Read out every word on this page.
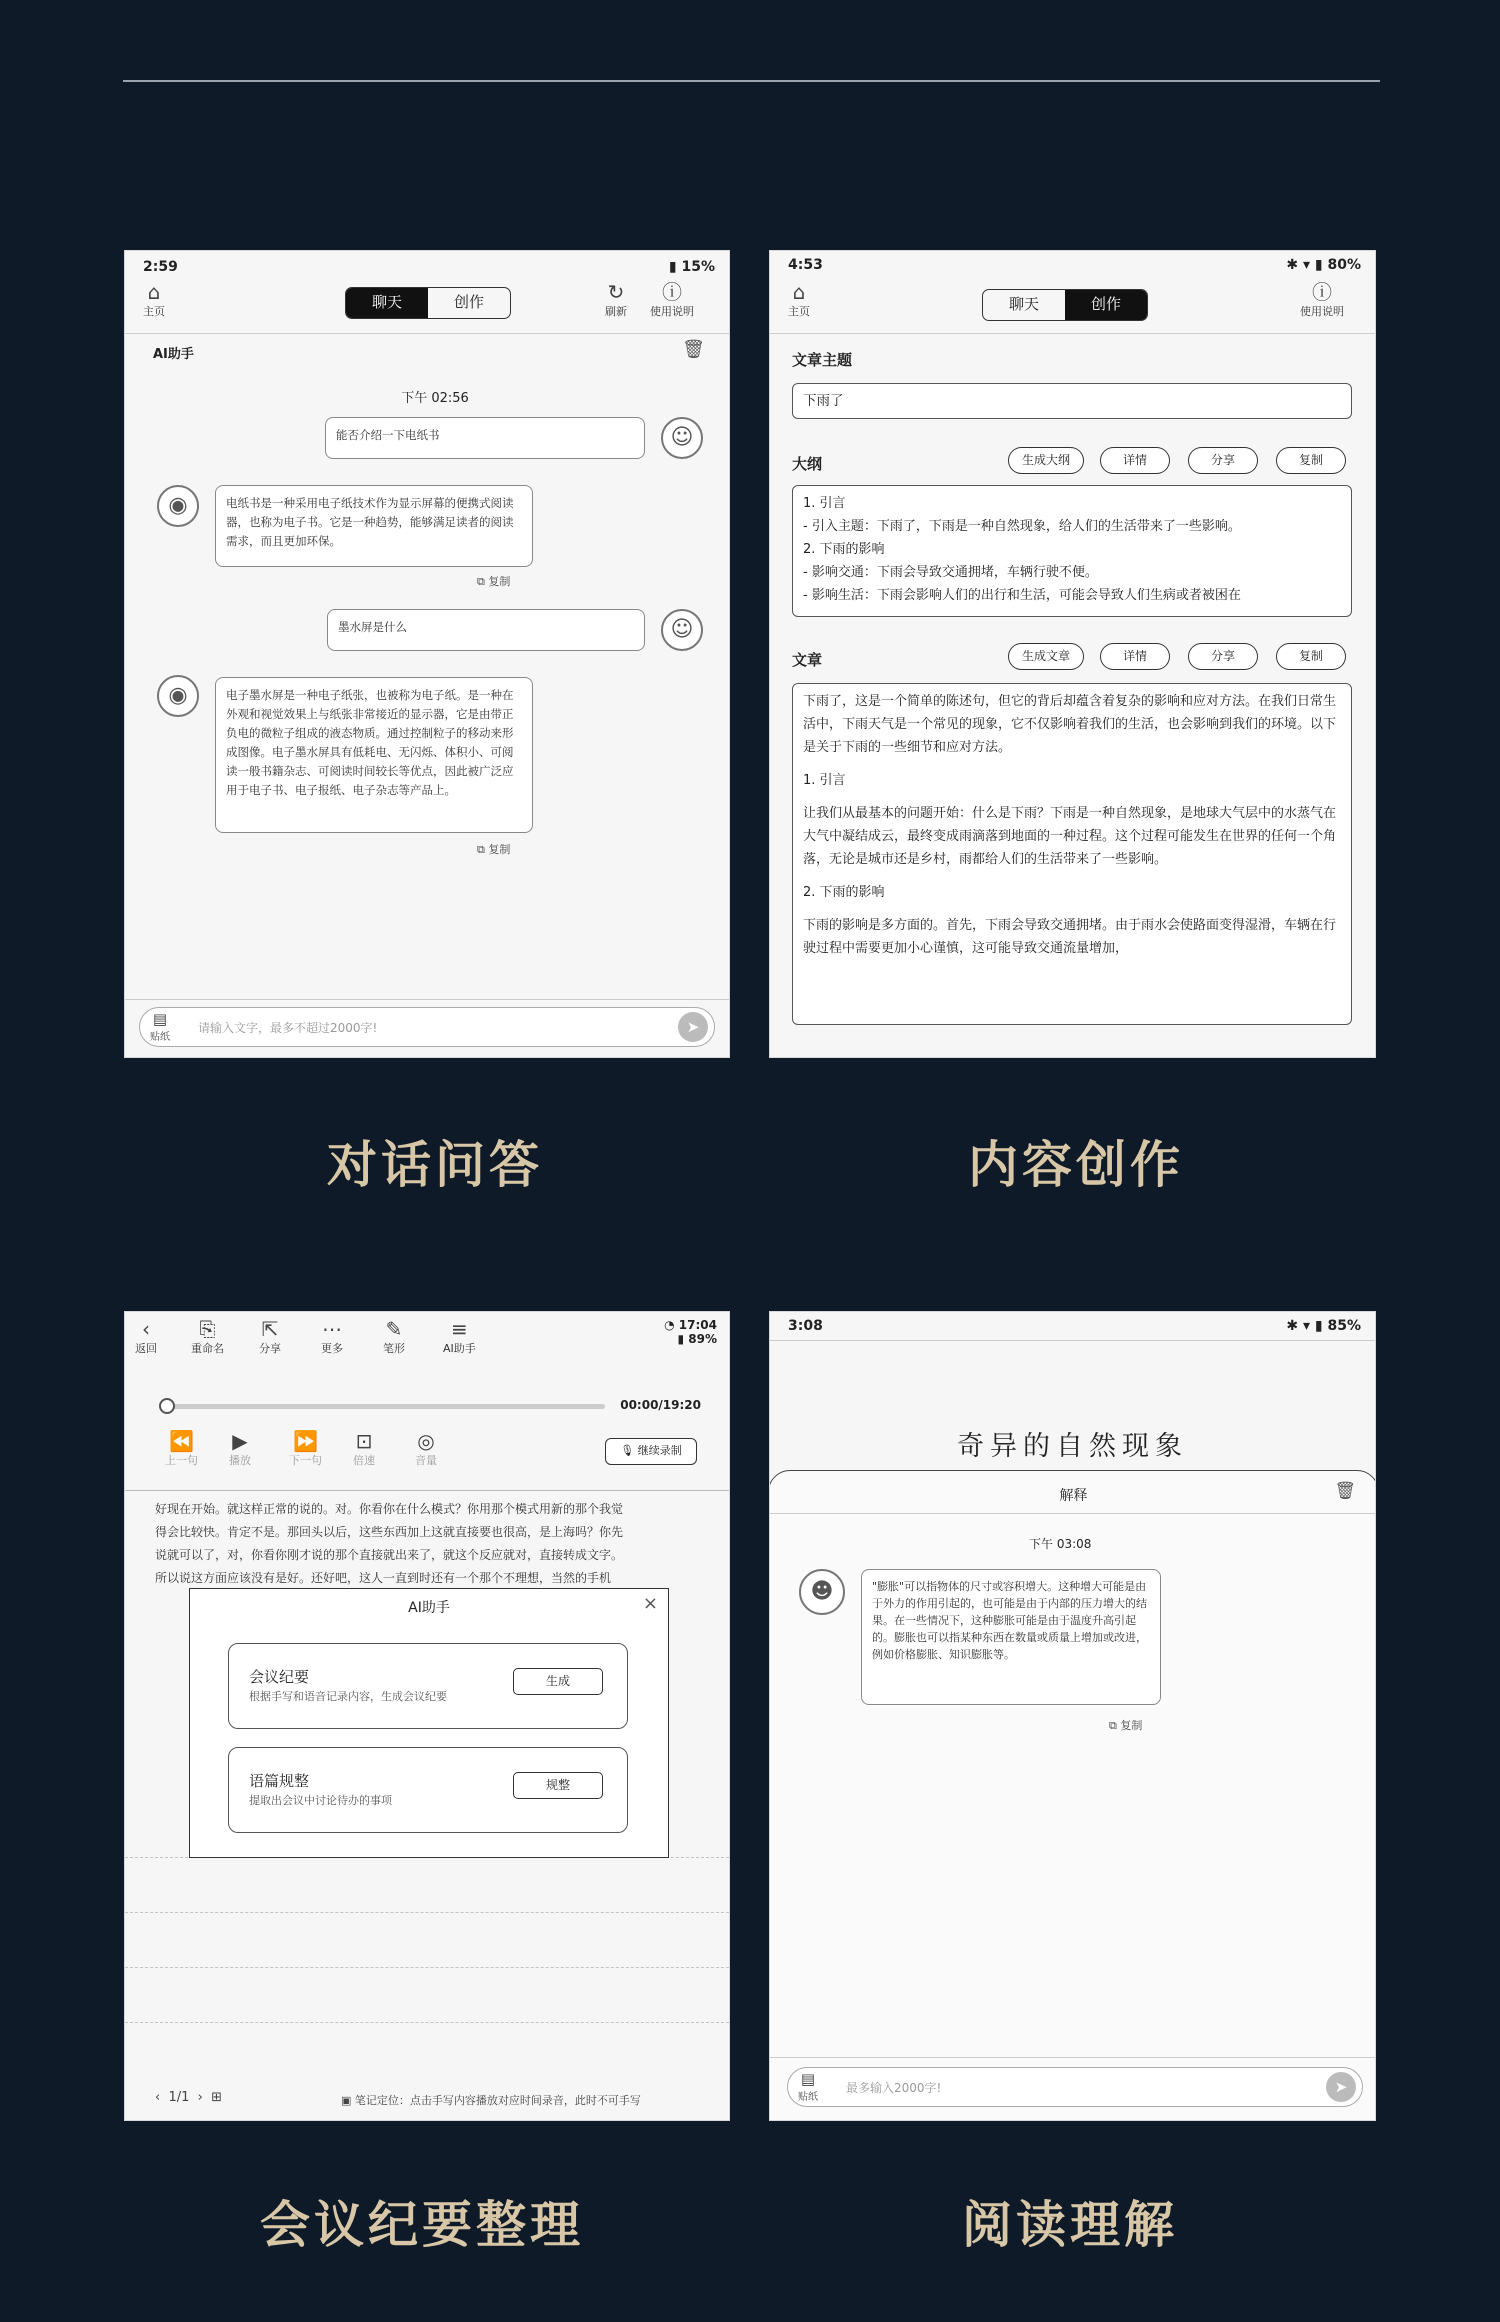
2:59	▮ 15%
⌂
主页
聊天	创作	↻
刷新
ⓘ
使用说明
AI助手	🗑
下午 02:56
能否介绍一下电纸书	☺
◉	电纸书是一种采用电子纸技术作为显示屏幕的便携式阅读器，也称为电子书。它是一种趋势，能够满足读者的阅读需求，而且更加环保。
⧉ 复制
墨水屏是什么	☺
◉	电子墨水屏是一种电子纸张，也被称为电子纸。是一种在外观和视觉效果上与纸张非常接近的显示器，它是由带正负电的微粒子组成的液态物质。通过控制粒子的移动来形成图像。电子墨水屏具有低耗电、无闪烁、体积小、可阅读一般书籍杂志、可阅读时间较长等优点，因此被广泛应用于电子书、电子报纸、电子杂志等产品上。
⧉ 复制
▤
贴纸
请输入文字，最多不超过2000字!	➤
4:53	✱ ▾ ▮ 80%
⌂
主页	聊天	创作	ⓘ
使用说明
文章主题
下雨了
大纲	生成大纲	详情	分享	复制
1. 引言
- 引入主题：下雨了，下雨是一种自然现象，给人们的生活带来了一些影响。
2. 下雨的影响
- 影响交通：下雨会导致交通拥堵，车辆行驶不便。
- 影响生活：下雨会影响人们的出行和生活，可能会导致人们生病或者被困在
文章	生成文章	详情	分享	复制

下雨了，这是一个简单的陈述句，但它的背后却蕴含着复杂的影响和应对方法。在我们日常生活中，下雨天气是一个常见的现象，它不仅影响着我们的生活，也会影响到我们的环境。以下是关于下雨的一些细节和应对方法。

1. 引言

让我们从最基本的问题开始：什么是下雨？下雨是一种自然现象，是地球大气层中的水蒸气在大气中凝结成云，最终变成雨滴落到地面的一种过程。这个过程可能发生在世界的任何一个角落，无论是城市还是乡村，雨都给人们的生活带来了一些影响。

2. 下雨的影响

下雨的影响是多方面的。首先，下雨会导致交通拥堵。由于雨水会使路面变得湿滑，车辆在行驶过程中需要更加小心谨慎，这可能导致交通流量增加，

‹
返回
⎘
重命名
⇱
分享
⋯
更多
✎
笔形
≡
AI助手
◔ 17:04
▮ 89%
00:00/19:20
⏪
上一句
▶
播放
⏩
下一句
⊡
倍速
◎
音量
🎙 继续录制
好现在开始。就这样正常的说的。对。你看你在什么模式？你用那个模式用新的那个我觉
得会比较快。肯定不是。那回头以后，这些东西加上这就直接要也很高，是上海吗？你先
说就可以了，对，你看你刚才说的那个直接就出来了，就这个反应就对，直接转成文字。
所以说这方面应该没有是好。还好吧，这人一直到时还有一个那个不理想，当然的手机
AI助手	×
会议纪要
根据手写和语音记录内容，生成会议纪要
生成
语篇规整
提取出会议中讨论待办的事项
规整
‹ 1/1 › ⊞	▣ 笔记定位：点击手写内容播放对应时间录音，此时不可手写
3:08	✱ ▾ ▮ 85%
奇异的自然现象
解释	🗑
下午 03:08
☻	"膨胀"可以指物体的尺寸或容积增大。这种增大可能是由于外力的作用引起的，也可能是由于内部的压力增大的结果。在一些情况下，这种膨胀可能是由于温度升高引起的。膨胀也可以指某种东西在数量或质量上增加或改进，例如价格膨胀、知识膨胀等。
⧉ 复制
▤
贴纸
最多输入2000字!	➤
对话问答	内容创作
会议纪要整理	阅读理解
